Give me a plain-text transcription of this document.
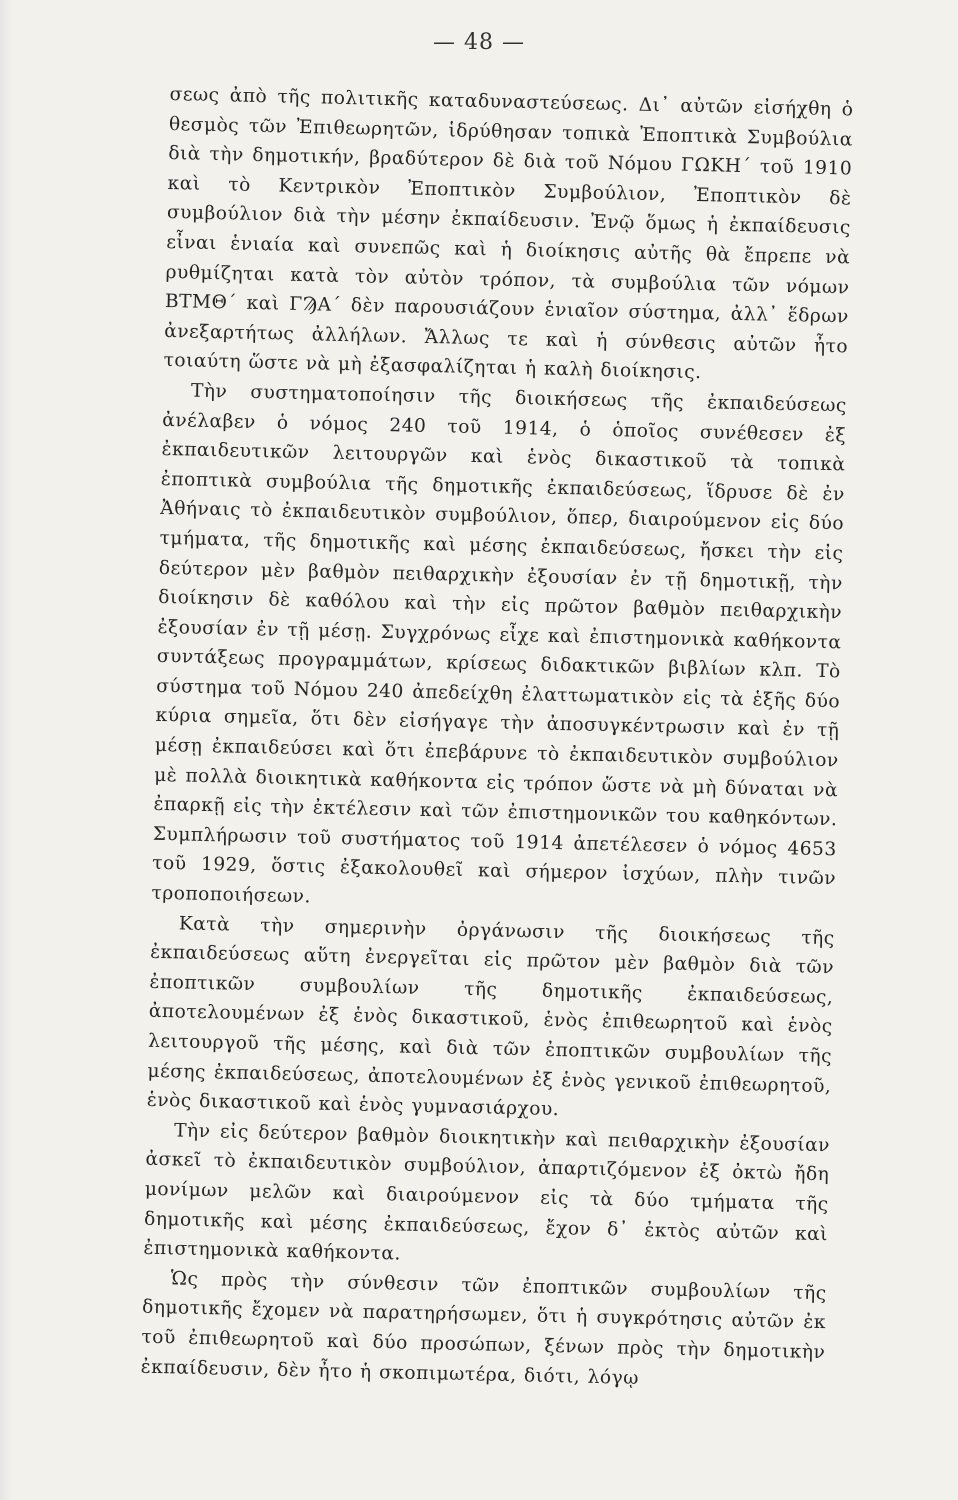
— 48 —

σεως ἀπὸ τῆς πολιτικῆς καταδυναστεύσεως. Δι᾽ αὐτῶν εἰσήχθη ὁ θεσμὸς τῶν Ἐπιθεωρητῶν, ἱδρύθησαν τοπικὰ Ἐποπτικὰ Συμβούλια διὰ τὴν δημοτικήν, βραδύτερον δὲ διὰ τοῦ Νόμου ΓΩΚΗ΄ τοῦ 1910 καὶ τὸ Κεντρικὸν Ἐποπτικὸν Συμβούλιον, Ἐποπτικὸν δὲ συμβούλιον διὰ τὴν μέσην ἐκπαίδευσιν. Ἐνῷ ὅμως ἡ ἐκπαίδευσις εἶναι ἑνιαία καὶ συνεπῶς καὶ ἡ διοίκησις αὐτῆς θὰ ἔπρεπε νὰ ρυθμίζηται κατὰ τὸν αὐτὸν τρόπον, τὰ συμβούλια τῶν νόμων ΒΤΜΘ΄ καὶ ΓϠΑ΄ δὲν παρουσιάζουν ἑνιαῖον σύστημα, ἀλλ᾽ ἕδρων ἀνεξαρτήτως ἀλλήλων. Ἄλλως τε καὶ ἡ σύνθεσις αὐτῶν ἦτο τοιαύτη ὥστε νὰ μὴ ἐξασφαλίζηται ἡ καλὴ διοίκησις.

Τὴν συστηματοποίησιν τῆς διοικήσεως τῆς ἐκπαιδεύσεως ἀνέλαβεν ὁ νόμος 240 τοῦ 1914, ὁ ὁποῖος συνέθεσεν ἐξ ἐκπαιδευτικῶν λειτουργῶν καὶ ἑνὸς δικαστικοῦ τὰ τοπικὰ ἐποπτικὰ συμβούλια τῆς δημοτικῆς ἐκπαιδεύσεως, ἵδρυσε δὲ ἐν Ἀθήναις τὸ ἐκπαιδευτικὸν συμβούλιον, ὅπερ, διαιρούμενον εἰς δύο τμήματα, τῆς δημοτικῆς καὶ μέσης ἐκπαιδεύσεως, ἤσκει τὴν εἰς δεύτερον μὲν βαθμὸν πειθαρχικὴν ἐξουσίαν ἐν τῇ δημοτικῇ, τὴν διοίκησιν δὲ καθόλου καὶ τὴν εἰς πρῶτον βαθμὸν πειθαρχικὴν ἐξουσίαν ἐν τῇ μέσῃ. Συγχρόνως εἶχε καὶ ἐπιστημονικὰ καθήκοντα συντάξεως προγραμμάτων, κρίσεως διδακτικῶν βιβλίων κλπ. Τὸ σύστημα τοῦ Νόμου 240 ἀπεδείχθη ἐλαττωματικὸν εἰς τὰ ἑξῆς δύο κύρια σημεῖα, ὅτι δὲν εἰσήγαγε τὴν ἀποσυγκέντρωσιν καὶ ἐν τῇ μέσῃ ἐκπαιδεύσει καὶ ὅτι ἐπεβάρυνε τὸ ἐκπαιδευτικὸν συμβούλιον μὲ πολλὰ διοικητικὰ καθήκοντα εἰς τρόπον ὥστε νὰ μὴ δύναται νὰ ἐπαρκῇ εἰς τὴν ἐκτέλεσιν καὶ τῶν ἐπιστημονικῶν του καθηκόντων. Συμπλήρωσιν τοῦ συστήματος τοῦ 1914 ἀπετέλεσεν ὁ νόμος 4653 τοῦ 1929, ὅστις ἐξακολουθεῖ καὶ σήμερον ἰσχύων, πλὴν τινῶν τροποποιήσεων.

Κατὰ τὴν σημερινὴν ὀργάνωσιν τῆς διοικήσεως τῆς ἐκπαιδεύσεως αὕτη ἐνεργεῖται εἰς πρῶτον μὲν βαθμὸν διὰ τῶν ἐποπτικῶν συμβουλίων τῆς δημοτικῆς ἐκπαιδεύσεως, ἀποτελουμένων ἐξ ἑνὸς δικαστικοῦ, ἑνὸς ἐπιθεωρητοῦ καὶ ἑνὸς λειτουργοῦ τῆς μέσης, καὶ διὰ τῶν ἐποπτικῶν συμβουλίων τῆς μέσης ἐκπαιδεύσεως, ἀποτελουμένων ἐξ ἑνὸς γενικοῦ ἐπιθεωρητοῦ, ἑνὸς δικαστικοῦ καὶ ἑνὸς γυμνασιάρχου.

Τὴν εἰς δεύτερον βαθμὸν διοικητικὴν καὶ πειθαρχικὴν ἐξουσίαν ἀσκεῖ τὸ ἐκπαιδευτικὸν συμβούλιον, ἀπαρτιζόμενον ἐξ ὀκτὼ ἤδη μονίμων μελῶν καὶ διαιρούμενον εἰς τὰ δύο τμήματα τῆς δημοτικῆς καὶ μέσης ἐκπαιδεύσεως, ἔχον δ᾽ ἐκτὸς αὐτῶν καὶ ἐπιστημονικὰ καθήκοντα.

Ὡς πρὸς τὴν σύνθεσιν τῶν ἐποπτικῶν συμβουλίων τῆς δημοτικῆς ἔχομεν νὰ παρατηρήσωμεν, ὅτι ἡ συγκρότησις αὐτῶν ἐκ τοῦ ἐπιθεωρητοῦ καὶ δύο προσώπων, ξένων πρὸς τὴν δημοτικὴν ἐκπαίδευσιν, δὲν ἦτο ἡ σκοπιμωτέρα, διότι, λόγῳ
